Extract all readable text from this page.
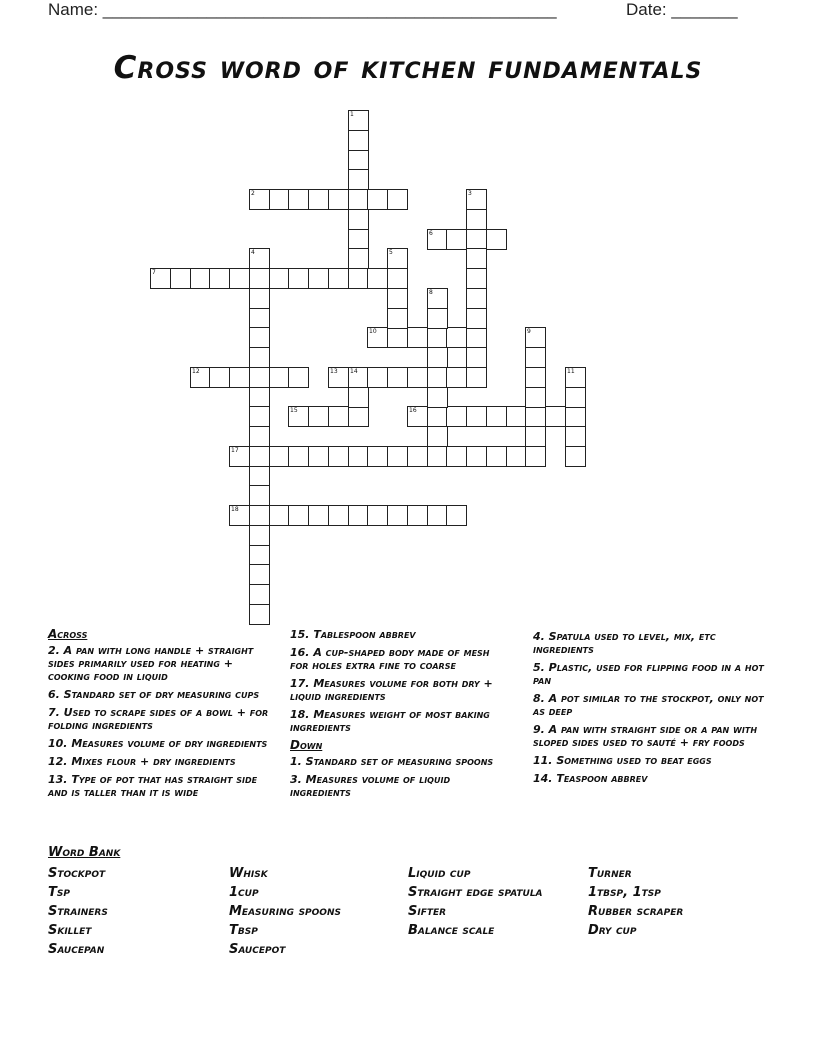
Name: ________________________________________________	Date: _______
Cross word of kitchen fundamentals
2
6
7
10
12	13 14
15	16
17
18
1
3
4	5
8
9
11
Across
2. A pan with long handle + straight sides primarily used for heating + cooking food in liquid
6. Standard set of dry measuring cups
7. Used to scrape sides of a bowl + for folding ingredients
10. Measures volume of dry ingredients
12. Mixes flour + dry ingredients
13. Type of pot that has straight side and is taller than it is wide
15. Tablespoon abbrev
16. A cup-shaped body made of mesh for holes extra fine to coarse
17. Measures volume for both dry + liquid ingredients
18. Measures weight of most baking ingredients
Down
1. Standard set of measuring spoons
3. Measures volume of liquid ingredients
4. Spatula used to level, mix, etc ingredients
5. Plastic, used for flipping food in a hot pan
8. A pot similar to the stockpot, only not as deep
9. A pan with straight side or a pan with sloped sides used to sauté + fry foods
11. Something used to beat eggs
14. Teaspoon abbrev
Word Bank
Stockpot
Tsp
Strainers
Skillet
Saucepan
Whisk
1cup
Measuring spoons
Tbsp
Saucepot
Liquid cup
Straight edge spatula
Sifter
Balance scale
Turner
1tbsp, 1tsp
Rubber scraper
Dry cup
